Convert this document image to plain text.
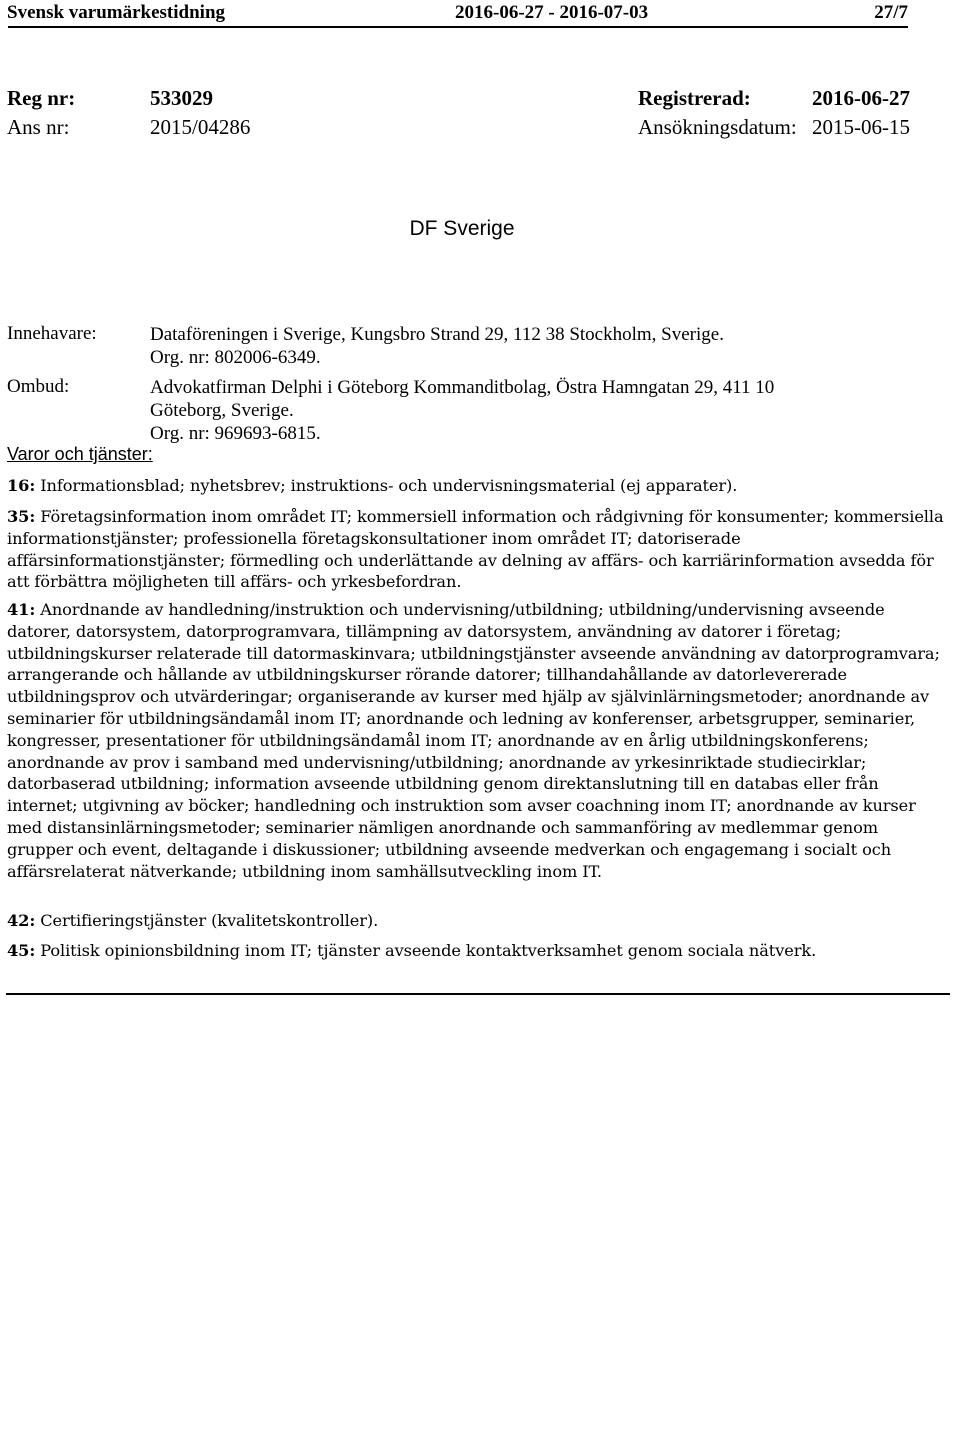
Svensk varumärkestidning	2016-06-27 - 2016-07-03	27/7
Reg nr:	533029	Registrerad:	2016-06-27
Ans nr:	2015/04286	Ansökningsdatum: 2015-06-15
DF Sverige
Innehavare:	Dataföreningen i Sverige, Kungsbro Strand 29, 112 38 Stockholm, Sverige.
Org. nr: 802006-6349.
Ombud:	Advokatfirman Delphi i Göteborg Kommanditbolag, Östra Hamngatan 29, 411 10
Göteborg, Sverige.
Org. nr: 969693-6815.
Varor och tjänster:
16: Informationsblad; nyhetsbrev; instruktions- och undervisningsmaterial (ej apparater).
35: Företagsinformation inom området IT; kommersiell information och rådgivning för konsumenter; kommersiella informationstjänster; professionella företagskonsultationer inom området IT; datoriserade affärsinformationstjänster; förmedling och underlättande av delning av affärs- och karriärinformation avsedda för att förbättra möjligheten till affärs- och yrkesbefordran.
41: Anordnande av handledning/instruktion och undervisning/utbildning; utbildning/undervisning avseende datorer, datorsystem, datorprogramvara, tillämpning av datorsystem, användning av datorer i företag; utbildningskurser relaterade till datormaskinvara; utbildningstjänster avseende användning av datorprogramvara; arrangerande och hållande av utbildningskurser rörande datorer; tillhandahållande av datorlevererade utbildningsprov och utvärderingar; organiserande av kurser med hjälp av självinlärningsmetoder; anordnande av seminarier för utbildningsändamål inom IT; anordnande och ledning av konferenser, arbetsgrupper, seminarier, kongresser, presentationer för utbildningsändamål inom IT; anordnande av en årlig utbildningskonferens; anordnande av prov i samband med undervisning/utbildning; anordnande av yrkesinriktade studiecirklar; datorbaserad utbildning; information avseende utbildning genom direktanslutning till en databas eller från internet; utgivning av böcker; handledning och instruktion som avser coachning inom IT; anordnande av kurser med distansinlärningsmetoder; seminarier nämligen anordnande och sammanföring av medlemmar genom grupper och event, deltagande i diskussioner; utbildning avseende medverkan och engagemang i socialt och affärsrelaterat nätverkande; utbildning inom samhällsutveckling inom IT.
42: Certifieringstjänster (kvalitetskontroller).
45: Politisk opinionsbildning inom IT; tjänster avseende kontaktverksamhet genom sociala nätverk.
